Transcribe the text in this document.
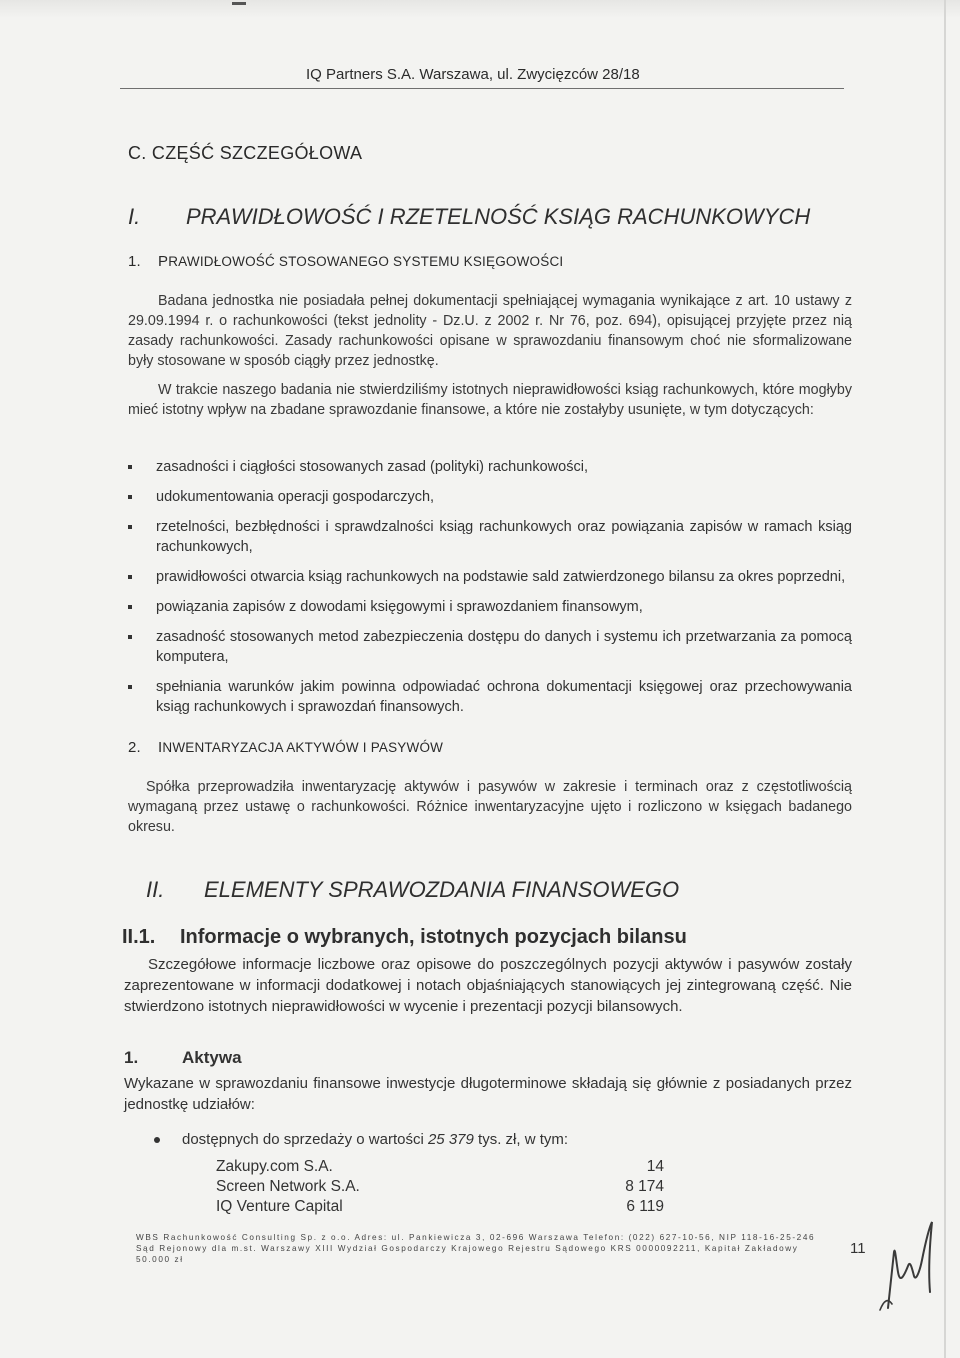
IQ Partners S.A. Warszawa, ul. Zwycięzców 28/18
C. CZĘŚĆ SZCZEGÓŁOWA
I. PRAWIDŁOWOŚĆ I RZETELNOŚĆ KSIĄG RACHUNKOWYCH
1. PRAWIDŁOWOŚĆ STOSOWANEGO SYSTEMU KSIĘGOWOŚCI
Badana jednostka nie posiadała pełnej dokumentacji spełniającej wymagania wynikające z art. 10 ustawy z 29.09.1994 r. o rachunkowości (tekst jednolity - Dz.U. z 2002 r. Nr 76, poz. 694), opisującej przyjęte przez nią zasady rachunkowości. Zasady rachunkowości opisane w sprawozdaniu finansowym choć nie sformalizowane były stosowane w sposób ciągły przez jednostkę.
W trakcie naszego badania nie stwierdziliśmy istotnych nieprawidłowości ksiąg rachunkowych, które mogłyby mieć istotny wpływ na zbadane sprawozdanie finansowe, a które nie zostałyby usunięte, w tym dotyczących:
zasadności i ciągłości stosowanych zasad (polityki) rachunkowości,
udokumentowania operacji gospodarczych,
rzetelności, bezbłędności i sprawdzalności ksiąg rachunkowych oraz powiązania zapisów w ramach ksiąg rachunkowych,
prawidłowości otwarcia ksiąg rachunkowych na podstawie sald zatwierdzonego bilansu za okres poprzedni,
powiązania zapisów z dowodami księgowymi i sprawozdaniem finansowym,
zasadność stosowanych metod zabezpieczenia dostępu do danych i systemu ich przetwarzania za pomocą komputera,
spełniania warunków jakim powinna odpowiadać ochrona dokumentacji księgowej oraz przechowywania ksiąg rachunkowych i sprawozdań finansowych.
2. INWENTARYZACJA AKTYWÓW I PASYWÓW
Spółka przeprowadziła inwentaryzację aktywów i pasywów w zakresie i terminach oraz z częstotliwością wymaganą przez ustawę o rachunkowości. Różnice inwentaryzacyjne ujęto i rozliczono w księgach badanego okresu.
II. ELEMENTY SPRAWOZDANIA FINANSOWEGO
II.1. Informacje o wybranych, istotnych pozycjach bilansu
Szczegółowe informacje liczbowe oraz opisowe do poszczególnych pozycji aktywów i pasywów zostały zaprezentowane w informacji dodatkowej i notach objaśniających stanowiących jej zintegrowaną część. Nie stwierdzono istotnych nieprawidłowości w wycenie i prezentacji pozycji bilansowych.
1.	Aktywa
Wykazane w sprawozdaniu finansowe inwestycje długoterminowe składają się głównie z posiadanych przez jednostkę udziałów:
dostępnych do sprzedaży o wartości 25 379 tys. zł, w tym:
Zakupy.com S.A.	14
Screen Network S.A.	8 174
IQ Venture Capital	6 119
WBS Rachunkowość Consulting Sp. z o.o. Adres: ul. Pankiewicza 3, 02-696 Warszawa Telefon: (022) 627-10-56, NIP 118-16-25-246 Sąd Rejonowy dla m.st. Warszawy XIII Wydział Gospodarczy Krajowego Rejestru Sądowego KRS 0000092211, Kapitał Zakładowy 50.000 zł
11
